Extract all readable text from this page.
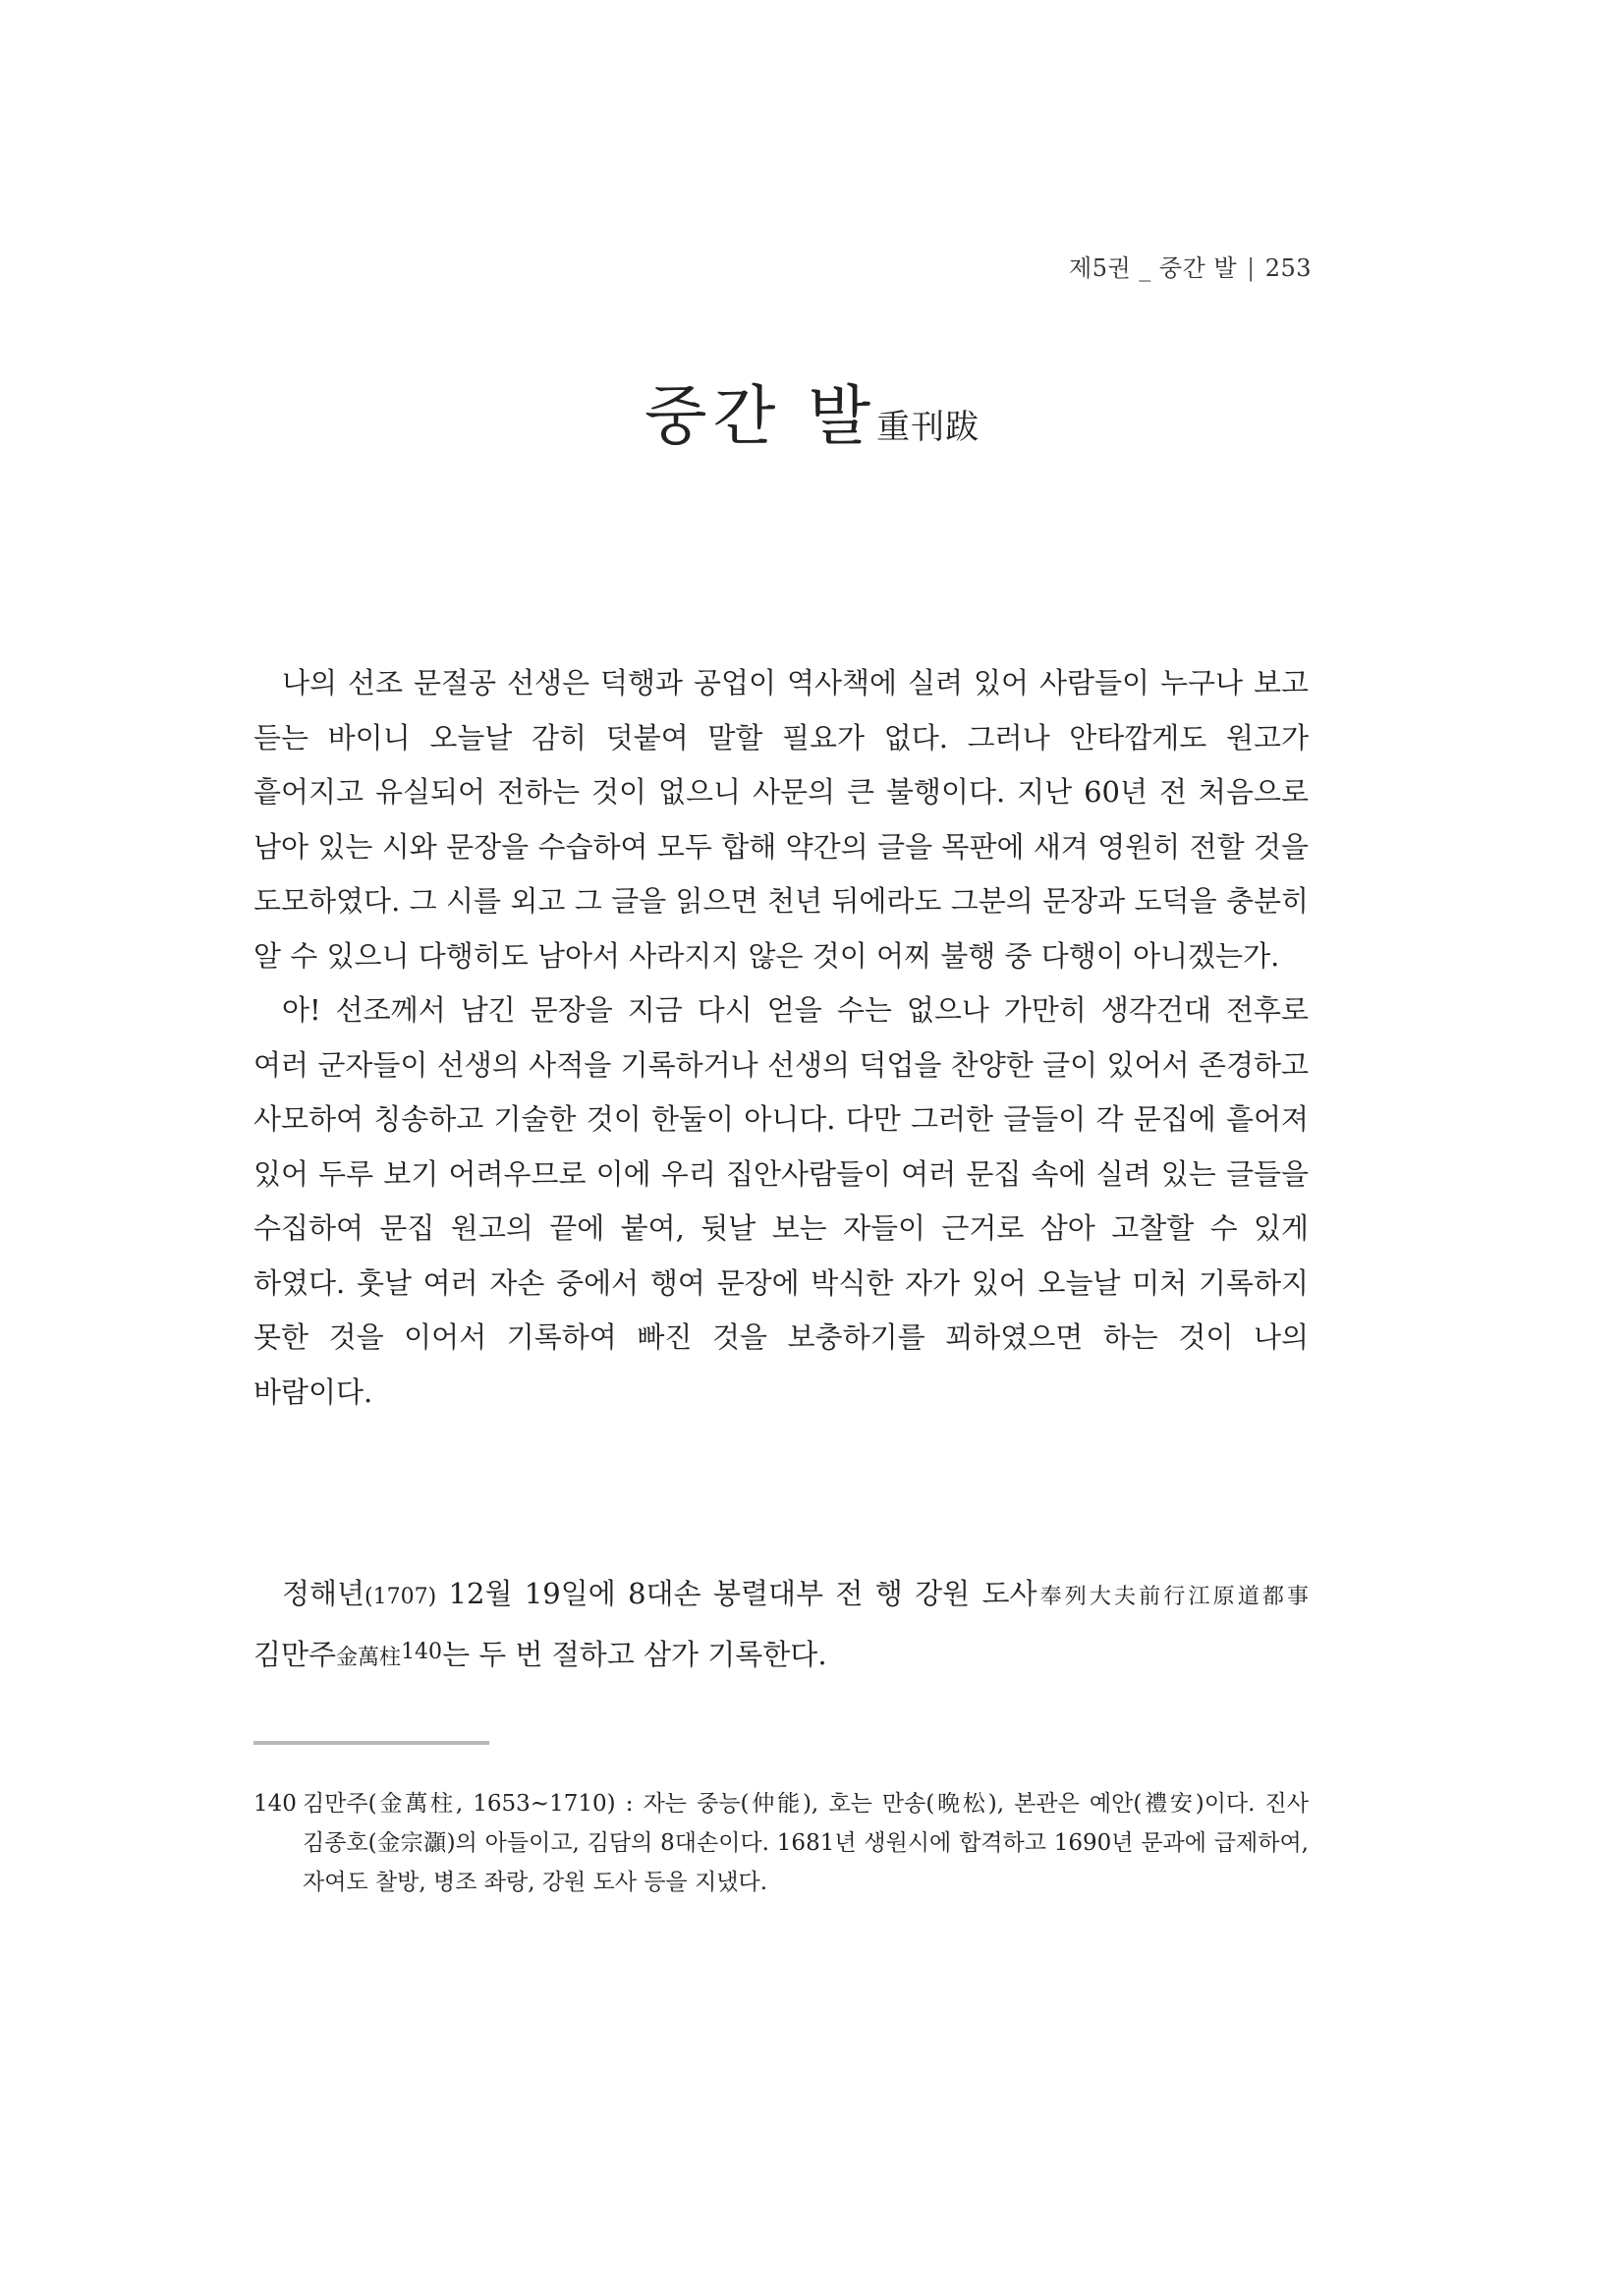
제5권 _ 중간 발 | 253
중간 발重刊跋

나의 선조 문절공 선생은 덕행과 공업이 역사책에 실려 있어 사람들이 누구나 보고 듣는 바이니 오늘날 감히 덧붙여 말할 필요가 없다. 그러나 안타깝게도 원고가 흩어지고 유실되어 전하는 것이 없으니 사문의 큰 불행이다. 지난 60년 전 처음으로 남아 있는 시와 문장을 수습하여 모두 합해 약간의 글을 목판에 새겨 영원히 전할 것을 도모하였다. 그 시를 외고 그 글을 읽으면 천년 뒤에라도 그분의 문장과 도덕을 충분히 알 수 있으니 다행히도 남아서 사라지지 않은 것이 어찌 불행 중 다행이 아니겠는가.

아! 선조께서 남긴 문장을 지금 다시 얻을 수는 없으나 가만히 생각건대 전후로 여러 군자들이 선생의 사적을 기록하거나 선생의 덕업을 찬양한 글이 있어서 존경하고 사모하여 칭송하고 기술한 것이 한둘이 아니다. 다만 그러한 글들이 각 문집에 흩어져 있어 두루 보기 어려우므로 이에 우리 집안사람들이 여러 문집 속에 실려 있는 글들을 수집하여 문집 원고의 끝에 붙여, 뒷날 보는 자들이 근거로 삼아 고찰할 수 있게 하였다. 훗날 여러 자손 중에서 행여 문장에 박식한 자가 있어 오늘날 미처 기록하지 못한 것을 이어서 기록하여 빠진 것을 보충하기를 꾀하였으면 하는 것이 나의 바람이다.

정해년(1707) 12월 19일에 8대손 봉렬대부 전 행 강원 도사奉列大夫前行江原道都事 김만주金萬柱$^{140}$는 두 번 절하고 삼가 기록한다.

140 김만주(金萬柱, 1653~1710) : 자는 중능(仲能), 호는 만송(晩松), 본관은 예안(禮安)이다. 진사 김종호(金宗灝)의 아들이고, 김담의 8대손이다. 1681년 생원시에 합격하고 1690년 문과에 급제하여, 자여도 찰방, 병조 좌랑, 강원 도사 등을 지냈다.
